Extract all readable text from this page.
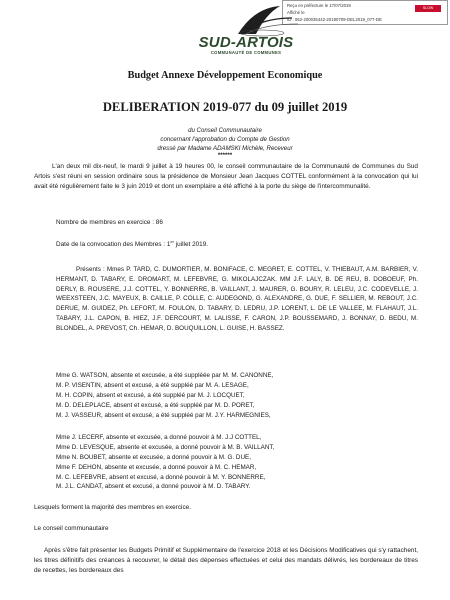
Reçu en préfecture le 17/07/2019
Affiché le
ID : 062-200035442-20190709-DEL2019_077-DE
SLOW
SUD-ARTOIS
COMMUNAUTÉ DE COMMUNES
Budget Annexe Développement Economique
DELIBERATION 2019-077 du 09 juillet 2019
du Conseil Communautaire
concernant l'approbation du Compte de Gestion
dressé par Madame ADAMSKI Michèle, Receveur
******
L'an deux mil dix-neuf, le mardi 9 juillet à 19 heures 00, le conseil communautaire de la Communauté de Communes du Sud Artois s'est réuni en session ordinaire sous la présidence de Monsieur Jean Jacques COTTEL conformément à la convocation qui lui avait été régulièrement faite le 3 juin 2019 et dont un exemplaire a été affiché à la porte du siège de l'intercommunalité.
Nombre de membres en exercice : 86
Date de la convocation des Membres : 1er juillet 2019.
Présents : Mmes P. TARD, C. DUMORTIER, M. BONIFACE, C. MEGRET, E. COTTEL, V. THIEBAUT, A.M. BARBIER, V. HERMANT, D. TABARY, E. DROMART, M. LEFEBVRE, G. MIKOLAJCZAK. MM J.F. LALY, B. DE REU, B. DOBOEUF, Ph. DERLY, B. ROUSERE, J.J. COTTEL, Y. BONNERRE, B. VAILLANT, J. MAURER, G. BOURY, R. LELEU, J.C. CODEVELLE, J. WEEXSTEEN, J.C. MAYEUX, B. CAILLE, P. COLLE, C. AUDEGOND, G. ALEXANDRE, G. DUE, F. SELLIER, M. REBOUT, J.C. DERUE, M. GUIDEZ, Ph. LEFORT, M. FOULON, D. TABARY, D. LEDRU, J.P. LORENT, L. DE LE VALLEE, M. FLAHAUT, J.L. TABARY, J.L. CAPON, B. HIEZ, J.F. DERCOURT, M. LALISSE, F. CARON, J.P. BOUSSEMARD, J. BONNAY, D. BEDU, M. BLONDEL, A. PREVOST, Ch. HEMAR, D. BOUQUILLON, L. GUISE, H. BASSEZ.
Mme G. WATSON, absente et excusée, a été suppléée par M. M. CANONNE,
M. P. VISENTIN, absent et excusé, a été suppléé par M. A. LESAGE,
M. H. COPIN, absent et excusé, a été suppléé par M. J. LOCQUET,
M. D. DELEPLACE, absent et excusé, a été suppléé par M. D. PORET,
M. J. VASSEUR, absent et excusé, a été suppléé par M. J.Y. HARMEGNIES,
Mme J. LECERF, absente et excusée, a donné pouvoir à M. J.J COTTEL,
Mme D. LEVESQUE, absente et excusée, a donné pouvoir à M. B. VAILLANT,
Mme N. BOUBET, absente et excusée, a donné pouvoir à M. G. DUE,
Mme F. DEHON, absente et excusée, a donné pouvoir à M. C. HEMAR,
M. C. LEFEBVRE, absent et excusé, a donné pouvoir à M. Y. BONNERRE,
M. J.L. CANDAT, absent et excusé, a donné pouvoir à M. D. TABARY.
Lesquels forment la majorité des membres en exercice.
Le conseil communautaire
Après s'être fait présenter les Budgets Primitif et Supplémentaire de l'exercice 2018 et les Décisions Modificatives qui s'y rattachent, les titres définitifs des créances à recouvrer, le détail des dépenses effectuées et celui des mandats délivrés, les bordereaux de titres de recettes, les bordereaux des
